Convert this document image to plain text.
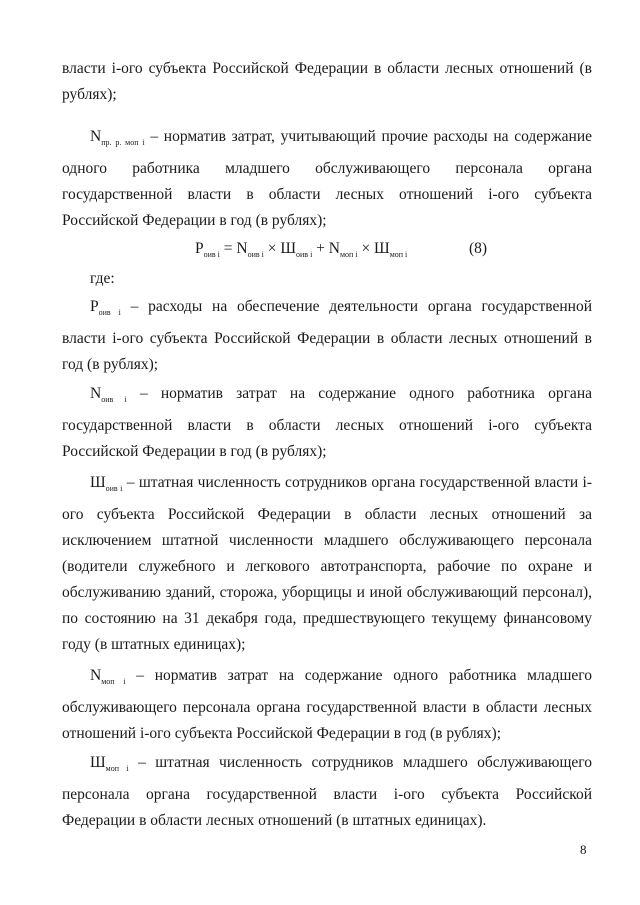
власти i-ого субъекта Российской Федерации в области лесных отношений (в рублях);

$N_{пр. р. моп i}$ – норматив затрат, учитывающий прочие расходы на содержание одного работника младшего обслуживающего персонала органа государственной власти в области лесных отношений i-ого субъекта Российской Федерации в год (в рублях);

$P_{оив i} = N_{оив i} \times Ш_{оив i} + N_{моп i} \times Ш_{моп i}$	(8)

где:

$P_{оив i}$ – расходы на обеспечение деятельности органа государственной власти i-ого субъекта Российской Федерации в области лесных отношений в год (в рублях);

$N_{оив i}$ – норматив затрат на содержание одного работника органа государственной власти в области лесных отношений i-ого субъекта Российской Федерации в год (в рублях);

$Ш_{оив i}$ – штатная численность сотрудников органа государственной власти i-ого субъекта Российской Федерации в области лесных отношений за исключением штатной численности младшего обслуживающего персонала (водители служебного и легкового автотранспорта, рабочие по охране и обслуживанию зданий, сторожа, уборщицы и иной обслуживающий персонал), по состоянию на 31 декабря года, предшествующего текущему финансовому году (в штатных единицах);

$N_{моп i}$ – норматив затрат на содержание одного работника младшего обслуживающего персонала органа государственной власти в области лесных отношений i-ого субъекта Российской Федерации в год (в рублях);

$Ш_{моп i}$ – штатная численность сотрудников младшего обслуживающего персонала органа государственной власти i-ого субъекта Российской Федерации в области лесных отношений (в штатных единицах).

8
